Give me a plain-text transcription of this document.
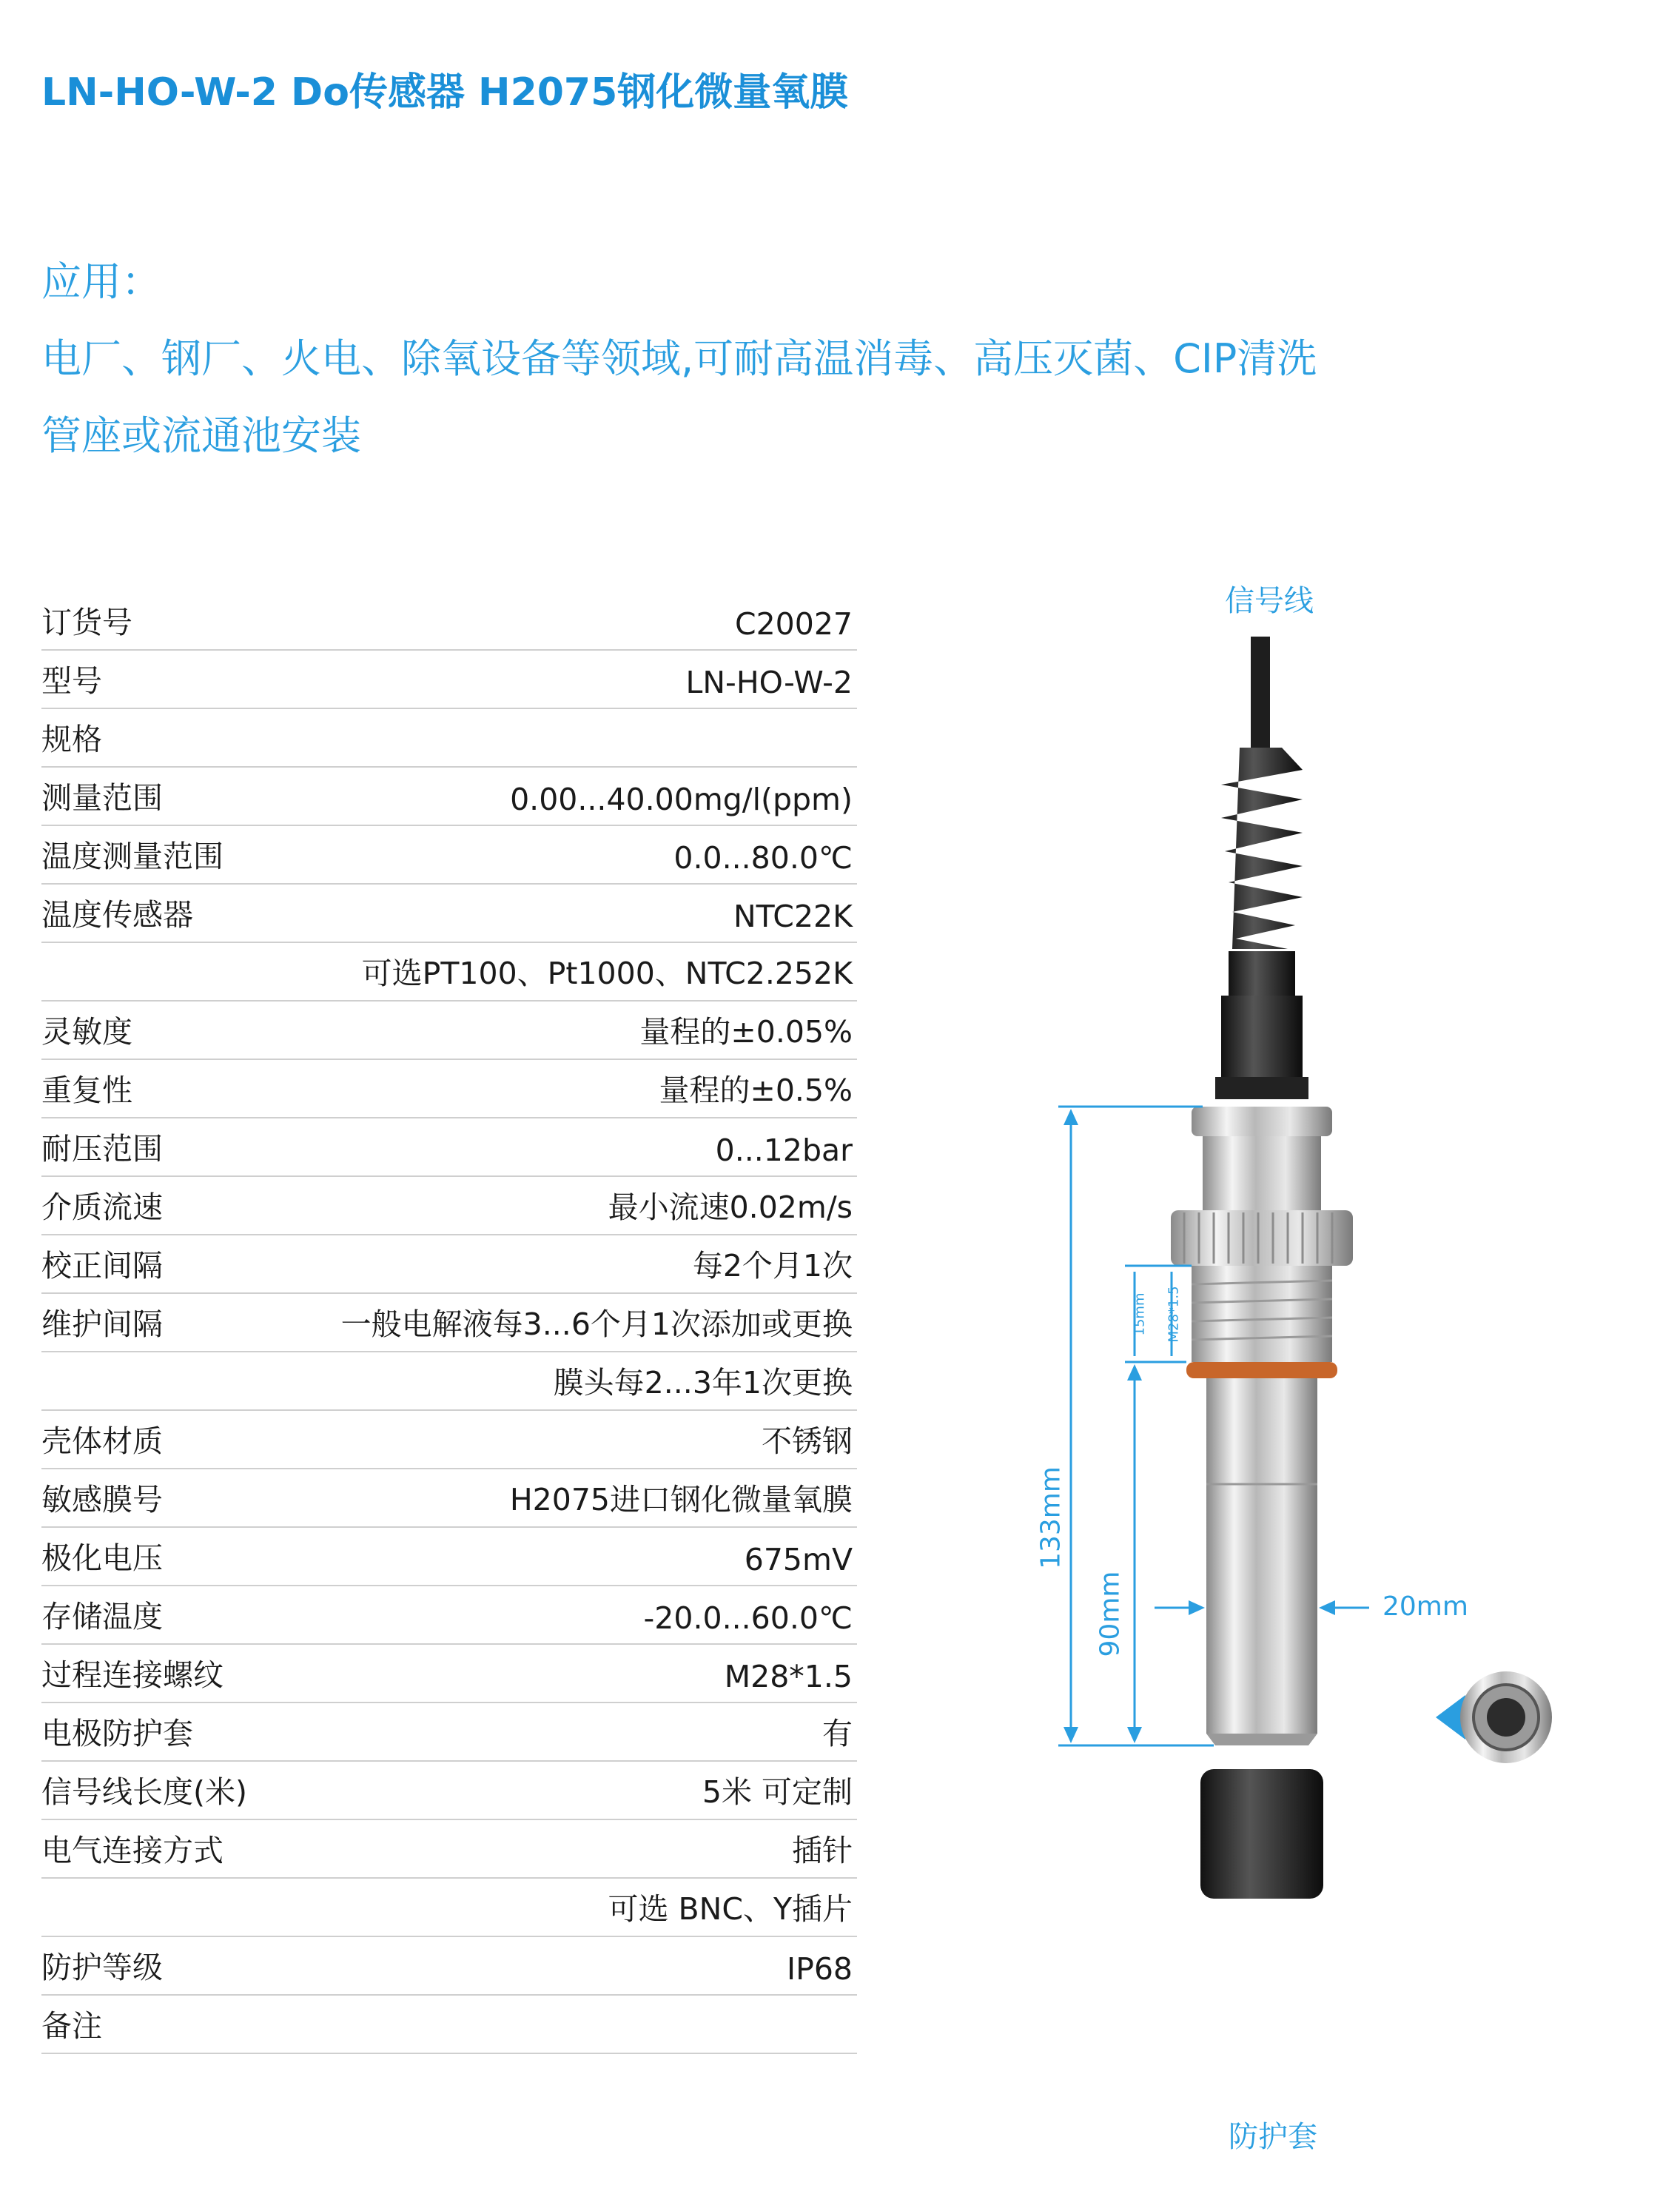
LN-HO-W-2 Do传感器 H2075钢化微量氧膜
应用：
电厂、钢厂、火电、除氧设备等领域,可耐高温消毒、高压灭菌、CIP清洗
管座或流通池安装
订货号	C20027
型号	LN-HO-W-2
规格
测量范围	0.00...40.00mg/l(ppm)
温度测量范围	0.0...80.0℃
温度传感器	NTC22K
可选PT100、Pt1000、NTC2.252K
灵敏度	量程的±0.05%
重复性	量程的±0.5%
耐压范围	0...12bar
介质流速	最小流速0.02m/s
校正间隔	每2个月1次
维护间隔	一般电解液每3...6个月1次添加或更换
膜头每2...3年1次更换
壳体材质	不锈钢
敏感膜号	H2075进口钢化微量氧膜
极化电压	675mV
存储温度	-20.0...60.0℃
过程连接螺纹	M28*1.5
电极防护套	有
信号线长度(米)	5米 可定制
电气连接方式	插针
可选 BNC、Y插片
防护等级	IP68
备注
信号线
防护套
20mm
133mm
90mm
15mm M28*1.5
